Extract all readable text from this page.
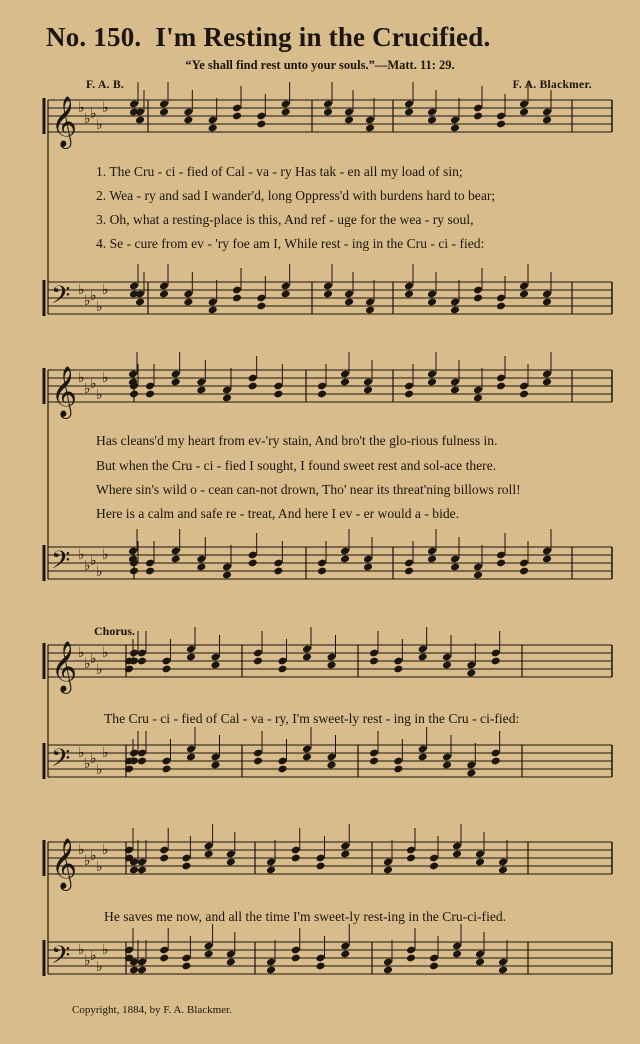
No. 150. I'm Resting in the Crucified.
“Ye shall find rest unto your souls.”—Matt. 11: 29.
F. A. B.	F. A. Blackmer.
𝄞 ♭
♭ ♭
♭
♭
𝄢 ♭
♭ ♭
♭
♭
𝄞 ♭
♭ ♭
♭
♭
𝄢 ♭
♭ ♭
♭
♭
𝄞 ♭
♭ ♭
♭
♭
𝄢 ♭
♭ ♭
♭
♭
𝄞 ♭
♭ ♭
♭
♭
𝄢 ♭
♭ ♭
♭
♭
1. The Cru - ci - fied of Cal - va - ry Has tak - en all my load of sin;
2. Wea - ry and sad I wander'd, long Oppress'd with burdens hard to bear;
3. Oh, what a resting-place is this, And ref - uge for the wea - ry soul,
4. Se - cure from ev - 'ry foe am I, While rest - ing in the Cru - ci - fied:
Has cleans'd my heart from ev-'ry stain, And bro't the glo-rious fulness in.
But when the Cru - ci - fied I sought, I found sweet rest and sol-ace there.
Where sin's wild o - cean can-not drown, Tho' near its threat'ning billows roll!
Here is a calm and safe re - treat, And here I ev - er would a - bide.
Chorus.
The Cru - ci - fied of Cal - va - ry, I'm sweet-ly rest - ing in the Cru - ci-fied:
He saves me now, and all the time I'm sweet-ly rest-ing in the Cru-ci-fied.
Copyright, 1884, by F. A. Blackmer.
